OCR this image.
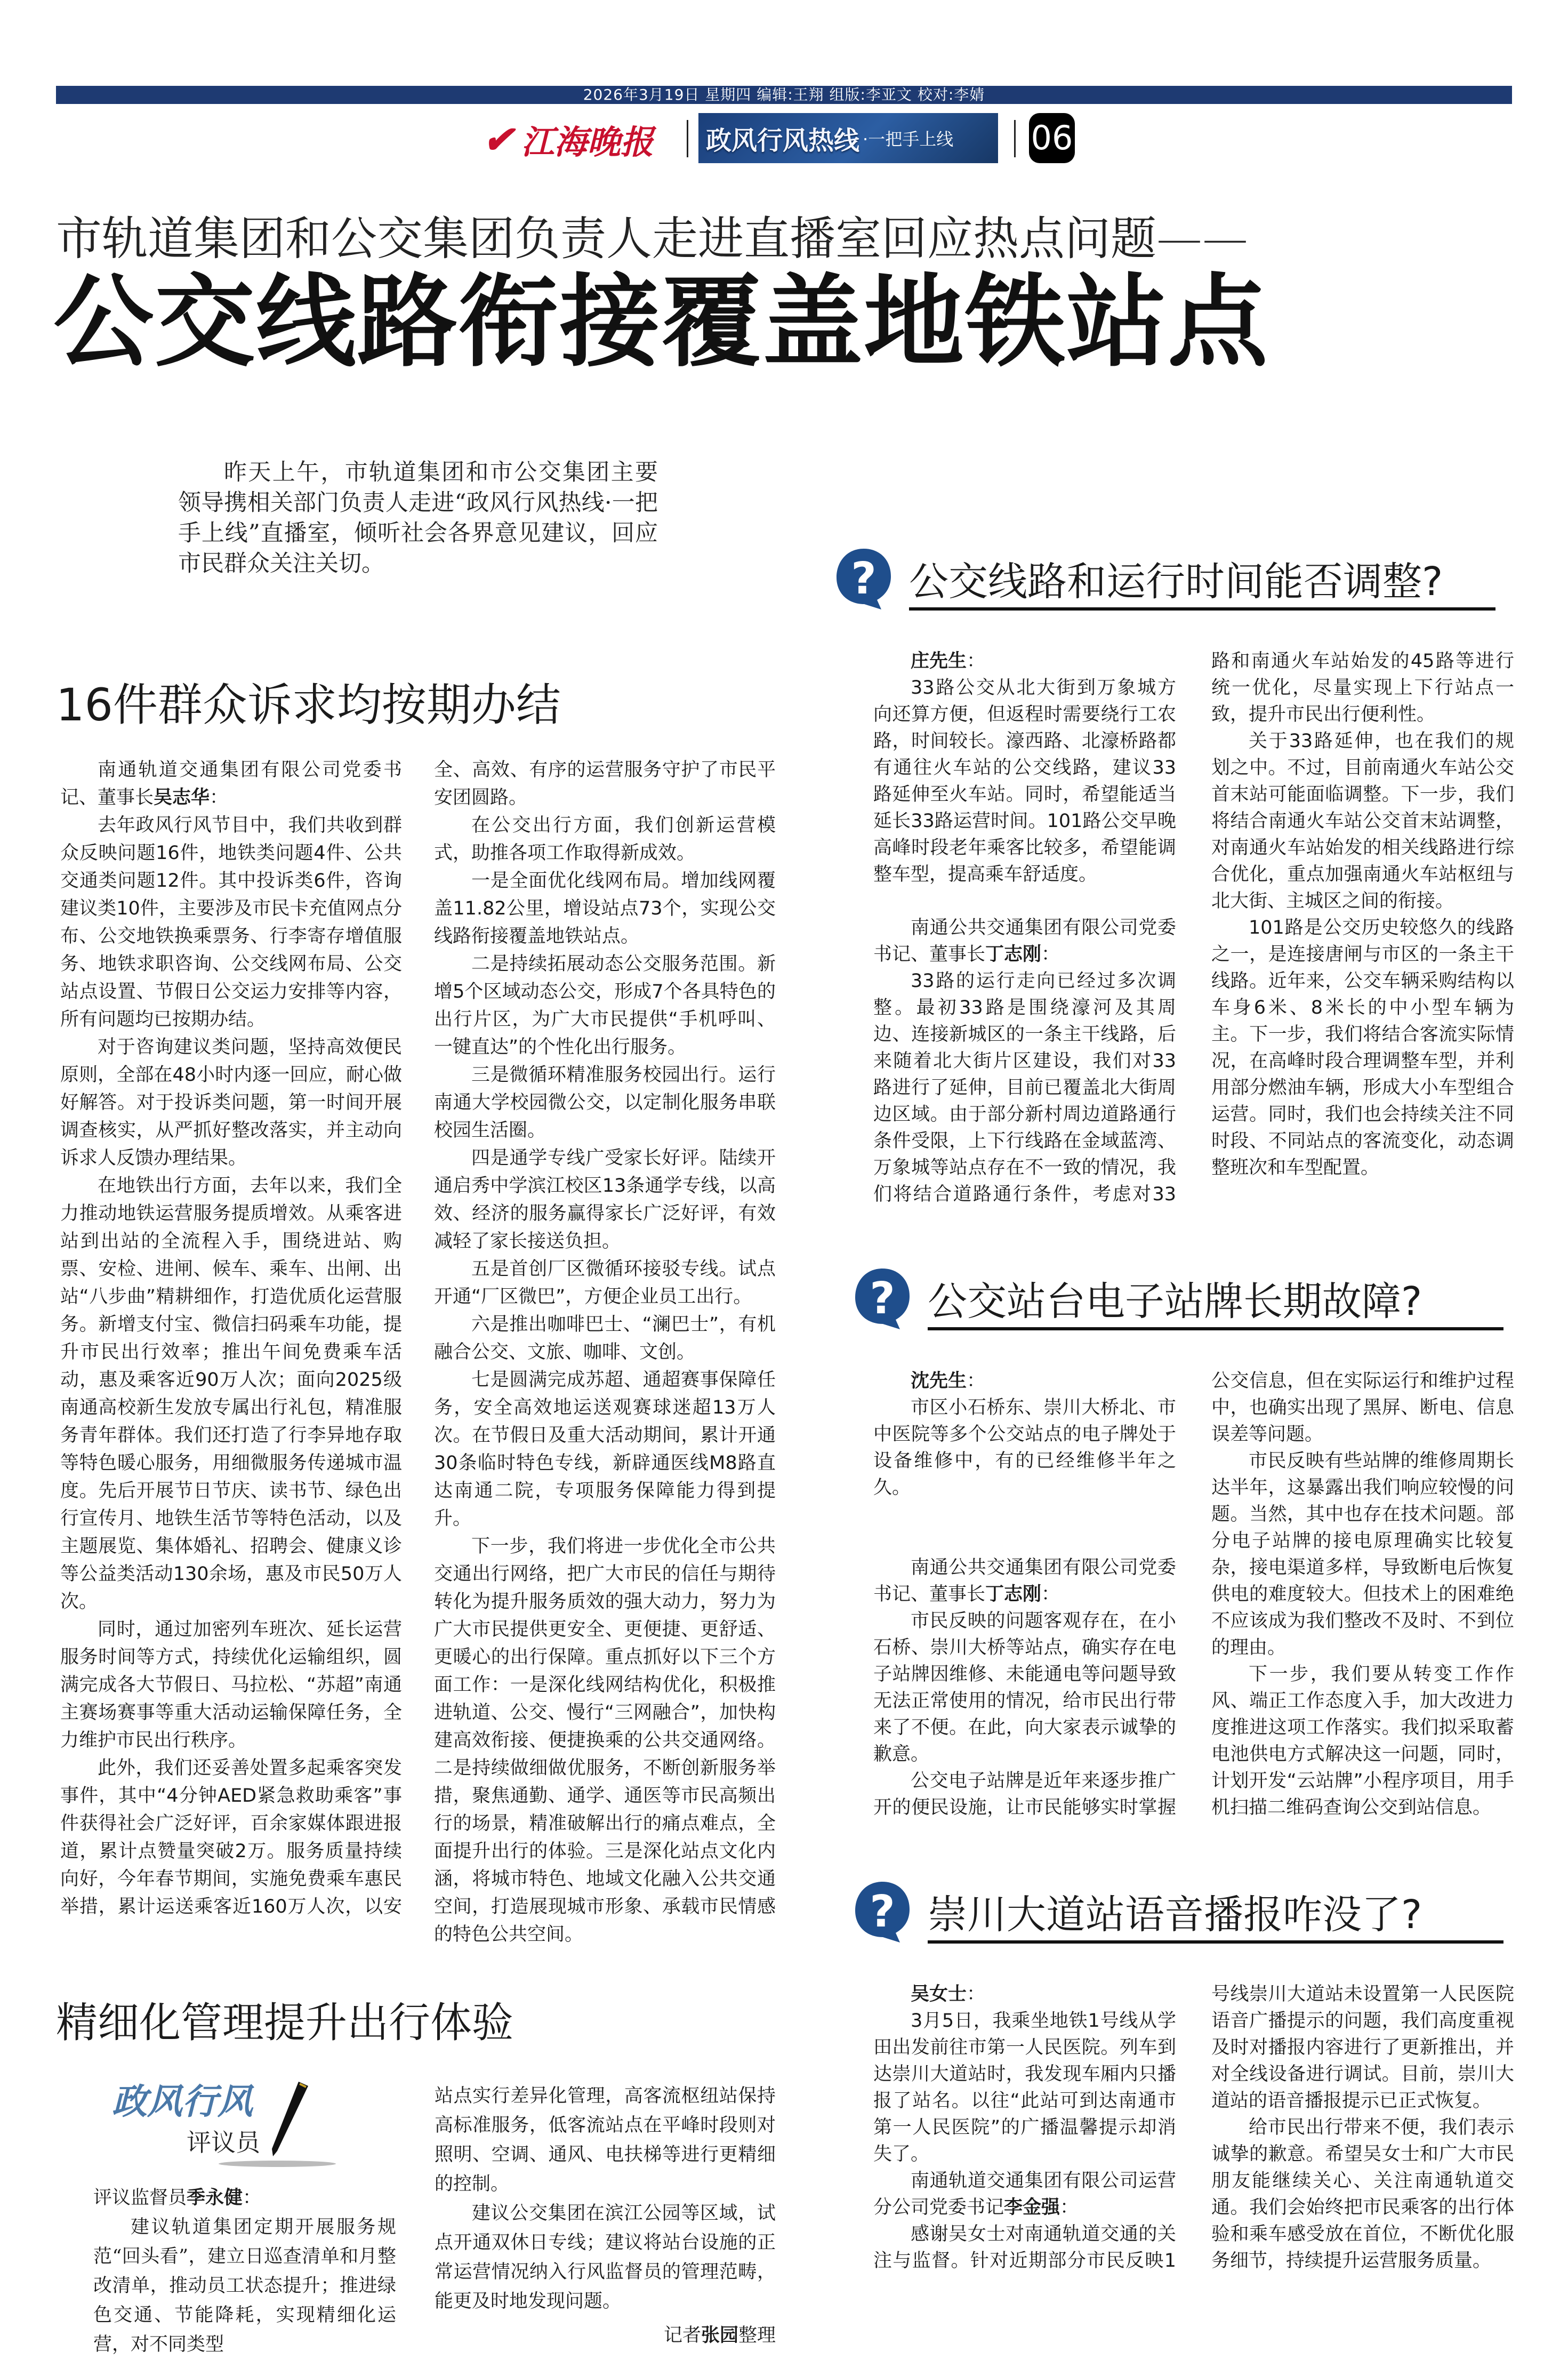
2026年3月19日 星期四 编辑:王翔 组版:李亚文 校对:李婧
✔ 江海晚报 政风行风热线 ·一把手上线 06
市轨道集团和公交集团负责人走进直播室回应热点问题——
公交线路衔接覆盖地铁站点
昨天上午，市轨道集团和市公交集团主要领导携相关部门负责人走进“政风行风热线·一把手上线”直播室，倾听社会各界意见建议，回应市民群众关注关切。
16件群众诉求均按期办结

南通轨道交通集团有限公司党委书记、董事长吴志华：

去年政风行风节目中，我们共收到群众反映问题16件，地铁类问题4件、公共交通类问题12件。其中投诉类6件，咨询建议类10件，主要涉及市民卡充值网点分布、公交地铁换乘票务、行李寄存增值服务、地铁求职咨询、公交线网布局、公交站点设置、节假日公交运力安排等内容，所有问题均已按期办结。

对于咨询建议类问题，坚持高效便民原则，全部在48小时内逐一回应，耐心做好解答。对于投诉类问题，第一时间开展调查核实，从严抓好整改落实，并主动向诉求人反馈办理结果。

在地铁出行方面，去年以来，我们全力推动地铁运营服务提质增效。从乘客进站到出站的全流程入手，围绕进站、购票、安检、进闸、候车、乘车、出闸、出站“八步曲”精耕细作，打造优质化运营服务。新增支付宝、微信扫码乘车功能，提升市民出行效率；推出午间免费乘车活动，惠及乘客近90万人次；面向2025级南通高校新生发放专属出行礼包，精准服务青年群体。我们还打造了行李异地存取等特色暖心服务，用细微服务传递城市温度。先后开展节日节庆、读书节、绿色出行宣传月、地铁生活节等特色活动，以及主题展览、集体婚礼、招聘会、健康义诊等公益类活动130余场，惠及市民50万人次。

同时，通过加密列车班次、延长运营服务时间等方式，持续优化运输组织，圆满完成各大节假日、马拉松、“苏超”南通主赛场赛事等重大活动运输保障任务，全力维护市民出行秩序。

此外，我们还妥善处置多起乘客突发事件，其中“4分钟AED紧急救助乘客”事件获得社会广泛好评，百余家媒体跟进报道，累计点赞量突破2万。服务质量持续向好，今年春节期间，实施免费乘车惠民举措，累计运送乘客近160万人次，以安全、高效、有序的运营服务守护了市民平安团圆路。

在公交出行方面，我们创新运营模式，助推各项工作取得新成效。

一是全面优化线网布局。增加线网覆盖11.82公里，增设站点73个，实现公交线路衔接覆盖地铁站点。

二是持续拓展动态公交服务范围。新增5个区域动态公交，形成7个各具特色的出行片区，为广大市民提供“手机呼叫、一键直达”的个性化出行服务。

三是微循环精准服务校园出行。运行南通大学校园微公交，以定制化服务串联校园生活圈。

四是通学专线广受家长好评。陆续开通启秀中学滨江校区13条通学专线，以高效、经济的服务赢得家长广泛好评，有效减轻了家长接送负担。

五是首创厂区微循环接驳专线。试点开通“厂区微巴”，方便企业员工出行。

六是推出咖啡巴士、“澜巴士”，有机融合公交、文旅、咖啡、文创。

七是圆满完成苏超、通超赛事保障任务，安全高效地运送观赛球迷超13万人次。在节假日及重大活动期间，累计开通30条临时特色专线，新辟通医线M8路直达南通二院，专项服务保障能力得到提升。

下一步，我们将进一步优化全市公共交通出行网络，把广大市民的信任与期待转化为提升服务质效的强大动力，努力为广大市民提供更安全、更便捷、更舒适、更暖心的出行保障。重点抓好以下三个方面工作：一是深化线网结构优化，积极推进轨道、公交、慢行“三网融合”，加快构建高效衔接、便捷换乘的公共交通网络。二是持续做细做优服务，不断创新服务举措，聚焦通勤、通学、通医等市民高频出行的场景，精准破解出行的痛点难点，全面提升出行的体验。三是深化站点文化内涵，将城市特色、地域文化融入公共交通空间，打造展现城市形象、承载市民情感的特色公共空间。

精细化管理提升出行体验
政风行风
评议员

评议监督员季永健：

建议轨道集团定期开展服务规范“回头看”，建立日巡查清单和月整改清单，推动员工状态提升；推进绿色交通、节能降耗，实现精细化运营，对不同类型

站点实行差异化管理，高客流枢纽站保持高标准服务，低客流站点在平峰时段则对照明、空调、通风、电扶梯等进行更精细的控制。

建议公交集团在滨江公园等区域，试点开通双休日专线；建议将站台设施的正常运营情况纳入行风监督员的管理范畴，能更及时地发现问题。

记者张园整理
? 公交线路和运行时间能否调整?

庄先生：

33路公交从北大街到万象城方向还算方便，但返程时需要绕行工农路，时间较长。濠西路、北濠桥路都有通往火车站的公交线路，建议33路延伸至火车站。同时，希望能适当延长33路运营时间。101路公交早晚高峰时段老年乘客比较多，希望能调整车型，提高乘车舒适度。

南通公共交通集团有限公司党委书记、董事长丁志刚：

33路的运行走向已经过多次调整。最初33路是围绕濠河及其周边、连接新城区的一条主干线路，后来随着北大街片区建设，我们对33路进行了延伸，目前已覆盖北大街周边区域。由于部分新村周边道路通行条件受限，上下行线路在金域蓝湾、万象城等站点存在不一致的情况，我们将结合道路通行条件，考虑对33路和南通火车站始发的45路等进行统一优化，尽量实现上下行站点一致，提升市民出行便利性。

关于33路延伸，也在我们的规划之中。不过，目前南通火车站公交首末站可能面临调整。下一步，我们将结合南通火车站公交首末站调整，对南通火车站始发的相关线路进行综合优化，重点加强南通火车站枢纽与北大街、主城区之间的衔接。

101路是公交历史较悠久的线路之一，是连接唐闸与市区的一条主干线路。近年来，公交车辆采购结构以车身6米、8米长的中小型车辆为主。下一步，我们将结合客流实际情况，在高峰时段合理调整车型，并利用部分燃油车辆，形成大小车型组合运营。同时，我们也会持续关注不同时段、不同站点的客流变化，动态调整班次和车型配置。

? 公交站台电子站牌长期故障?

沈先生：

市区小石桥东、崇川大桥北、市中医院等多个公交站点的电子牌处于设备维修中，有的已经维修半年之久。

南通公共交通集团有限公司党委书记、董事长丁志刚：

市民反映的问题客观存在，在小石桥、崇川大桥等站点，确实存在电子站牌因维修、未能通电等问题导致无法正常使用的情况，给市民出行带来了不便。在此，向大家表示诚挚的歉意。

公交电子站牌是近年来逐步推广开的便民设施，让市民能够实时掌握公交信息，但在实际运行和维护过程中，也确实出现了黑屏、断电、信息误差等问题。

市民反映有些站牌的维修周期长达半年，这暴露出我们响应较慢的问题。当然，其中也存在技术问题。部分电子站牌的接电原理确实比较复杂，接电渠道多样，导致断电后恢复供电的难度较大。但技术上的困难绝不应该成为我们整改不及时、不到位的理由。

下一步，我们要从转变工作作风、端正工作态度入手，加大改进力度推进这项工作落实。我们拟采取蓄电池供电方式解决这一问题，同时，计划开发“云站牌”小程序项目，用手机扫描二维码查询公交到站信息。

? 崇川大道站语音播报咋没了?

吴女士：

3月5日，我乘坐地铁1号线从学田出发前往市第一人民医院。列车到达崇川大道站时，我发现车厢内只播报了站名。以往“此站可到达南通市第一人民医院”的广播温馨提示却消失了。

南通轨道交通集团有限公司运营分公司党委书记李金强：

感谢吴女士对南通轨道交通的关注与监督。针对近期部分市民反映1号线崇川大道站未设置第一人民医院语音广播提示的问题，我们高度重视及时对播报内容进行了更新推出，并对全线设备进行调试。目前，崇川大道站的语音播报提示已正式恢复。

给市民出行带来不便，我们表示诚挚的歉意。希望吴女士和广大市民朋友能继续关心、关注南通轨道交通。我们会始终把市民乘客的出行体验和乘车感受放在首位，不断优化服务细节，持续提升运营服务质量。
